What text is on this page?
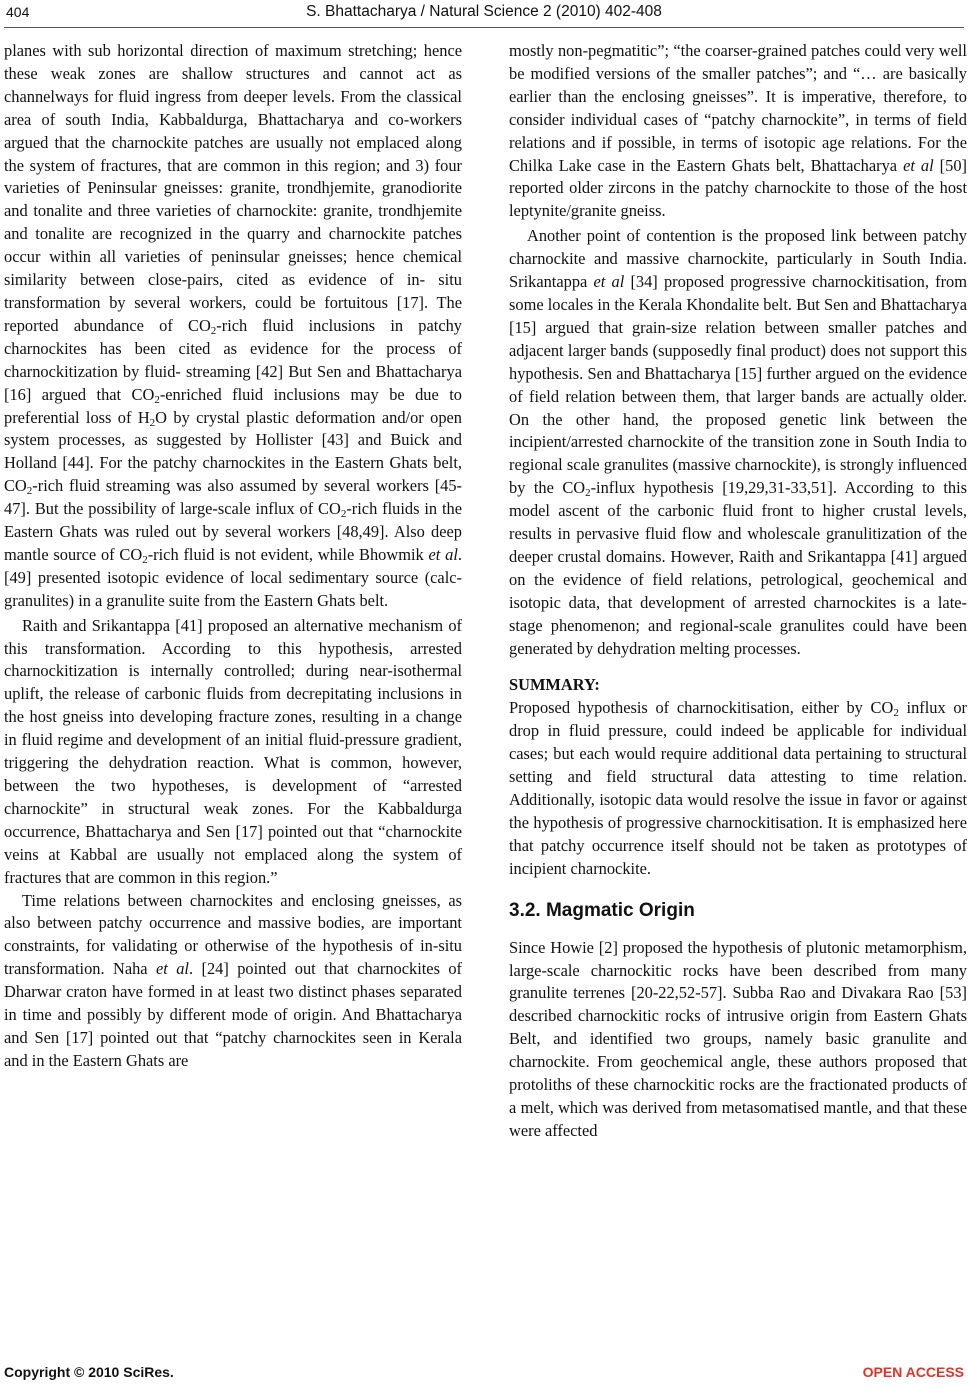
404	S. Bhattacharya / Natural Science 2 (2010) 402-408

planes with sub horizontal direction of maximum stretching; hence these weak zones are shallow structures and cannot act as channelways for fluid ingress from deeper levels. From the classical area of south India, Kabbaldurga, Bhattacharya and co-workers argued that the charnockite patches are usually not emplaced along the system of fractures, that are common in this region; and 3) four varieties of Peninsular gneisses: granite, trondhjemite, granodiorite and tonalite and three varieties of charnockite: granite, trondhjemite and tonalite are recognized in the quarry and charnockite patches occur within all varieties of peninsular gneisses; hence chemical similarity between close-pairs, cited as evidence of in- situ transformation by several workers, could be fortuitous [17]. The reported abundance of $CO_2$-rich fluid inclusions in patchy charnockites has been cited as evidence for the process of charnockitization by fluid- streaming [42] But Sen and Bhattacharya [16] argued that $CO_2$-enriched fluid inclusions may be due to preferential loss of $H_2O$ by crystal plastic deformation and/or open system processes, as suggested by Hollister [43] and Buick and Holland [44]. For the patchy charnockites in the Eastern Ghats belt, $CO_2$-rich fluid streaming was also assumed by several workers [45-47]. But the possibility of large-scale influx of $CO_2$-rich fluids in the Eastern Ghats was ruled out by several workers [48,49]. Also deep mantle source of $CO_2$-rich fluid is not evident, while Bhowmik et al. [49] presented isotopic evidence of local sedimentary source (calc-granulites) in a granulite suite from the Eastern Ghats belt.

Raith and Srikantappa [41] proposed an alternative mechanism of this transformation. According to this hypothesis, arrested charnockitization is internally controlled; during near-isothermal uplift, the release of carbonic fluids from decrepitating inclusions in the host gneiss into developing fracture zones, resulting in a change in fluid regime and development of an initial fluid-pressure gradient, triggering the dehydration reaction. What is common, however, between the two hypotheses, is development of “arrested charnockite” in structural weak zones. For the Kabbaldurga occurrence, Bhattacharya and Sen [17] pointed out that “charnockite veins at Kabbal are usually not emplaced along the system of fractures that are common in this region.”

Time relations between charnockites and enclosing gneisses, as also between patchy occurrence and massive bodies, are important constraints, for validating or otherwise of the hypothesis of in-situ transformation. Naha et al. [24] pointed out that charnockites of Dharwar craton have formed in at least two distinct phases separated in time and possibly by different mode of origin. And Bhattacharya and Sen [17] pointed out that “patchy charnockites seen in Kerala and in the Eastern Ghats are

mostly non-pegmatitic”; “the coarser-grained patches could very well be modified versions of the smaller patches”; and “… are basically earlier than the enclosing gneisses”. It is imperative, therefore, to consider individual cases of “patchy charnockite”, in terms of field relations and if possible, in terms of isotopic age relations. For the Chilka Lake case in the Eastern Ghats belt, Bhattacharya et al [50] reported older zircons in the patchy charnockite to those of the host leptynite/granite gneiss.

Another point of contention is the proposed link between patchy charnockite and massive charnockite, particularly in South India. Srikantappa et al [34] proposed progressive charnockitisation, from some locales in the Kerala Khondalite belt. But Sen and Bhattacharya [15] argued that grain-size relation between smaller patches and adjacent larger bands (supposedly final product) does not support this hypothesis. Sen and Bhattacharya [15] further argued on the evidence of field relation between them, that larger bands are actually older. On the other hand, the proposed genetic link between the incipient/arrested charnockite of the transition zone in South India to regional scale granulites (massive charnockite), is strongly influenced by the $CO_2$-influx hypothesis [19,29,31-33,51]. According to this model ascent of the carbonic fluid front to higher crustal levels, results in pervasive fluid flow and wholescale granulitization of the deeper crustal domains. However, Raith and Srikantappa [41] argued on the evidence of field relations, petrological, geochemical and isotopic data, that development of arrested charnockites is a late-stage phenomenon; and regional-scale granulites could have been generated by dehydration melting processes.

SUMMARY:

Proposed hypothesis of charnockitisation, either by $CO_2$ influx or drop in fluid pressure, could indeed be applicable for individual cases; but each would require additional data pertaining to structural setting and field structural data attesting to time relation. Additionally, isotopic data would resolve the issue in favor or against the hypothesis of progressive charnockitisation. It is emphasized here that patchy occurrence itself should not be taken as prototypes of incipient charnockite.

3.2. Magmatic Origin

Since Howie [2] proposed the hypothesis of plutonic metamorphism, large-scale charnockitic rocks have been described from many granulite terrenes [20-22,52-57]. Subba Rao and Divakara Rao [53] described charnockitic rocks of intrusive origin from Eastern Ghats Belt, and identified two groups, namely basic granulite and charnockite. From geochemical angle, these authors proposed that protoliths of these charnockitic rocks are the fractionated products of a melt, which was derived from metasomatised mantle, and that these were affected

Copyright © 2010 SciRes.	OPEN ACCESS
